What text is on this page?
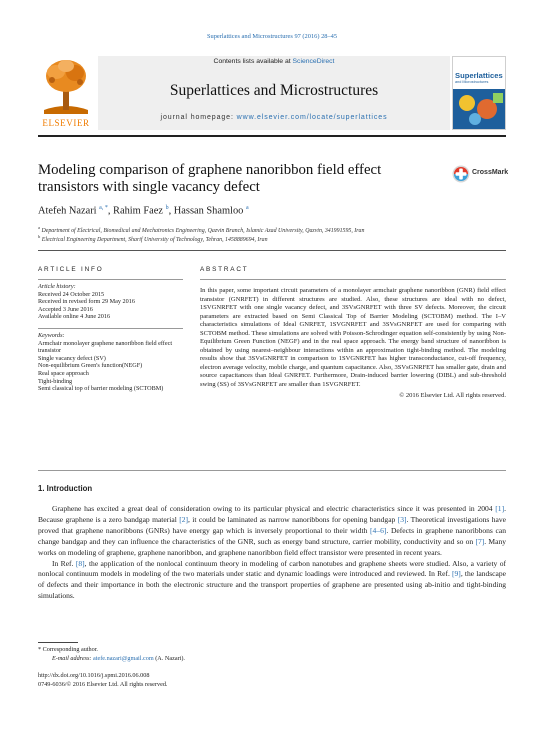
Superlattices and Microstructures 97 (2016) 28–45
ELSEVIER
Contents lists available at ScienceDirect
Superlattices and Microstructures
journal homepage: www.elsevier.com/locate/superlattices
Superlattices
and Microstructures
Modeling comparison of graphene nanoribbon field effect transistors with single vacancy defect
CrossMark
Atefeh Nazari $^{a, *}$, Rahim Faez $^b$, Hassan Shamloo $^a$
$^a$ Department of Electrical, Biomedical and Mechatronics Engineering, Qazvin Branch, Islamic Azad University, Qazvin, 341991595, Iran
$^b$ Electrical Engineering Department, Sharif University of Technology, Tehran, 1458889694, Iran
ARTICLE INFO
Article history:
Received 24 October 2015
Received in revised form 29 May 2016
Accepted 3 June 2016
Available online 4 June 2016
Keywords:
Armchair monolayer graphene nanoribbon field effect transistor
Single vacancy defect (SV)
Non-equilibrium Green's function(NEGF)
Real space approach
Tight-binding
Semi classical top of barrier modeling (SCTOBM)
ABSTRACT
In this paper, some important circuit parameters of a monolayer armchair graphene nanoribbon (GNR) field effect transistor (GNRFET) in different structures are studied. Also, these structures are ideal with no defect, 1SVGNRFET with one single vacancy defect, and 3SVsGNRFET with three SV defects. Moreover, the circuit parameters are extracted based on Semi Classical Top of Barrier Modeling (SCTOBM) method. The I–V characteristics simulations of Ideal GNRFET, 1SVGNRFET and 3SVsGNRFET are used for comparing with SCTOBM method. These simulations are solved with Poisson-Schrodinger equation self-consistently by using Non- Equilibrium Green Function (NEGF) and in the real space approach. The energy band structure of nanoribbon is obtained by using nearest–neighbour interactions within an approximation tight-binding method. The modeling results show that 3SVsGNRFET in comparison to 1SVGNRFET has higher transconductance, cut-off frequency, electron average velocity, mobile charge, and quantum capacitance. Also, 3SVsGNRFET has smaller gate, drain and source capacitances than Ideal GNRFET. Furthermore, Drain-induced barrier lowering (DIBL) and sub-threshold swing (SS) of 3SVsGNRFET are smaller than 1SVGNRFET.
© 2016 Elsevier Ltd. All rights reserved.
1. Introduction

Graphene has excited a great deal of consideration owing to its particular physical and electric characteristics since it was presented in 2004 [1]. Because graphene is a zero bandgap material [2], it could be laminated as narrow nanoribbons for opening bandgap [3]. Theoretical investigations have proved that graphene nanoribbons (GNRs) have energy gap which is inversely proportional to their width [4–6]. Defects in graphene nanoribbons can change bandgap and they can influence the characteristics of the GNR, such as energy band structure, carrier mobility, conductivity and so on [7]. Many works on modeling of graphene, graphene nanoribbon, and graphene nanoribbon field effect transistor were presented in recent years.

In Ref. [8], the application of the nonlocal continuum theory in modeling of carbon nanotubes and graphene sheets were studied. Also, a variety of nonlocal continuum models in modeling of the two materials under static and dynamic loadings were introduced and reviewed. In Ref. [9], the landscape of defects and their importance in both the electronic structure and the transport properties of graphene are presented using ab-initio and tight-binding simulations.

* Corresponding author.
E-mail address: atefe.nazari@gmail.com (A. Nazari).
http://dx.doi.org/10.1016/j.spmi.2016.06.008
0749-6036/© 2016 Elsevier Ltd. All rights reserved.
